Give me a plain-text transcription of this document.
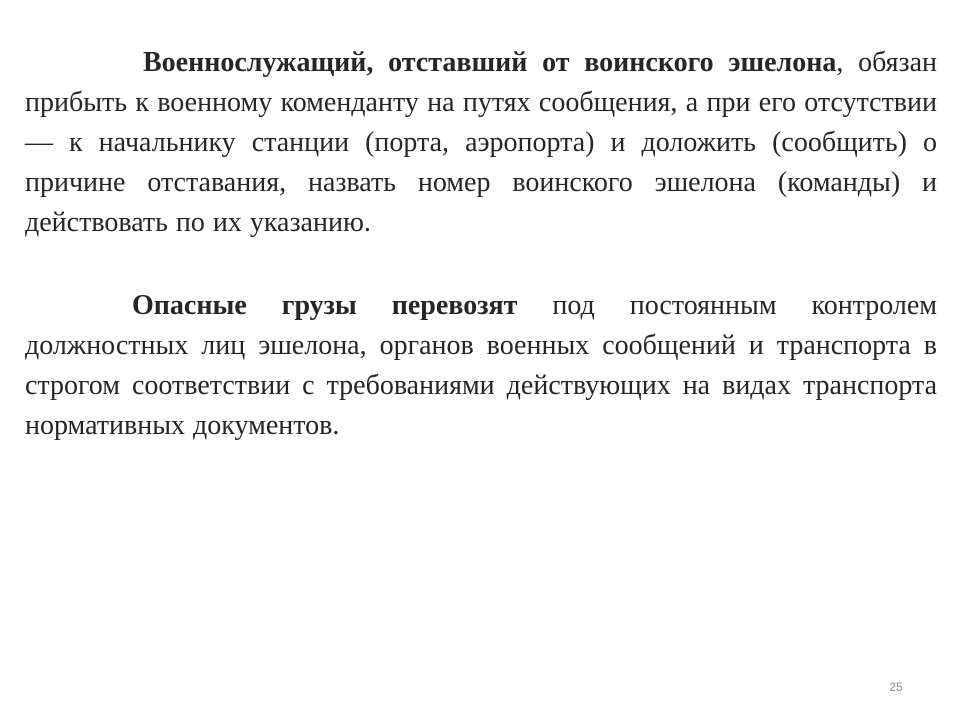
Военнослужащий, отставший от воинского эшелона, обязан прибыть к военному коменданту на путях сообщения, а при его отсутствии — к начальнику станции (порта, аэропорта) и доложить (сообщить) о причине отставания, назвать номер воинского эшелона (команды) и действовать по их указанию.

Опасные грузы перевозят под постоянным контролем должностных лиц эшелона, органов военных сообщений и транспорта в строгом соответствии с требованиями действующих на видах транспорта нормативных документов.

25
